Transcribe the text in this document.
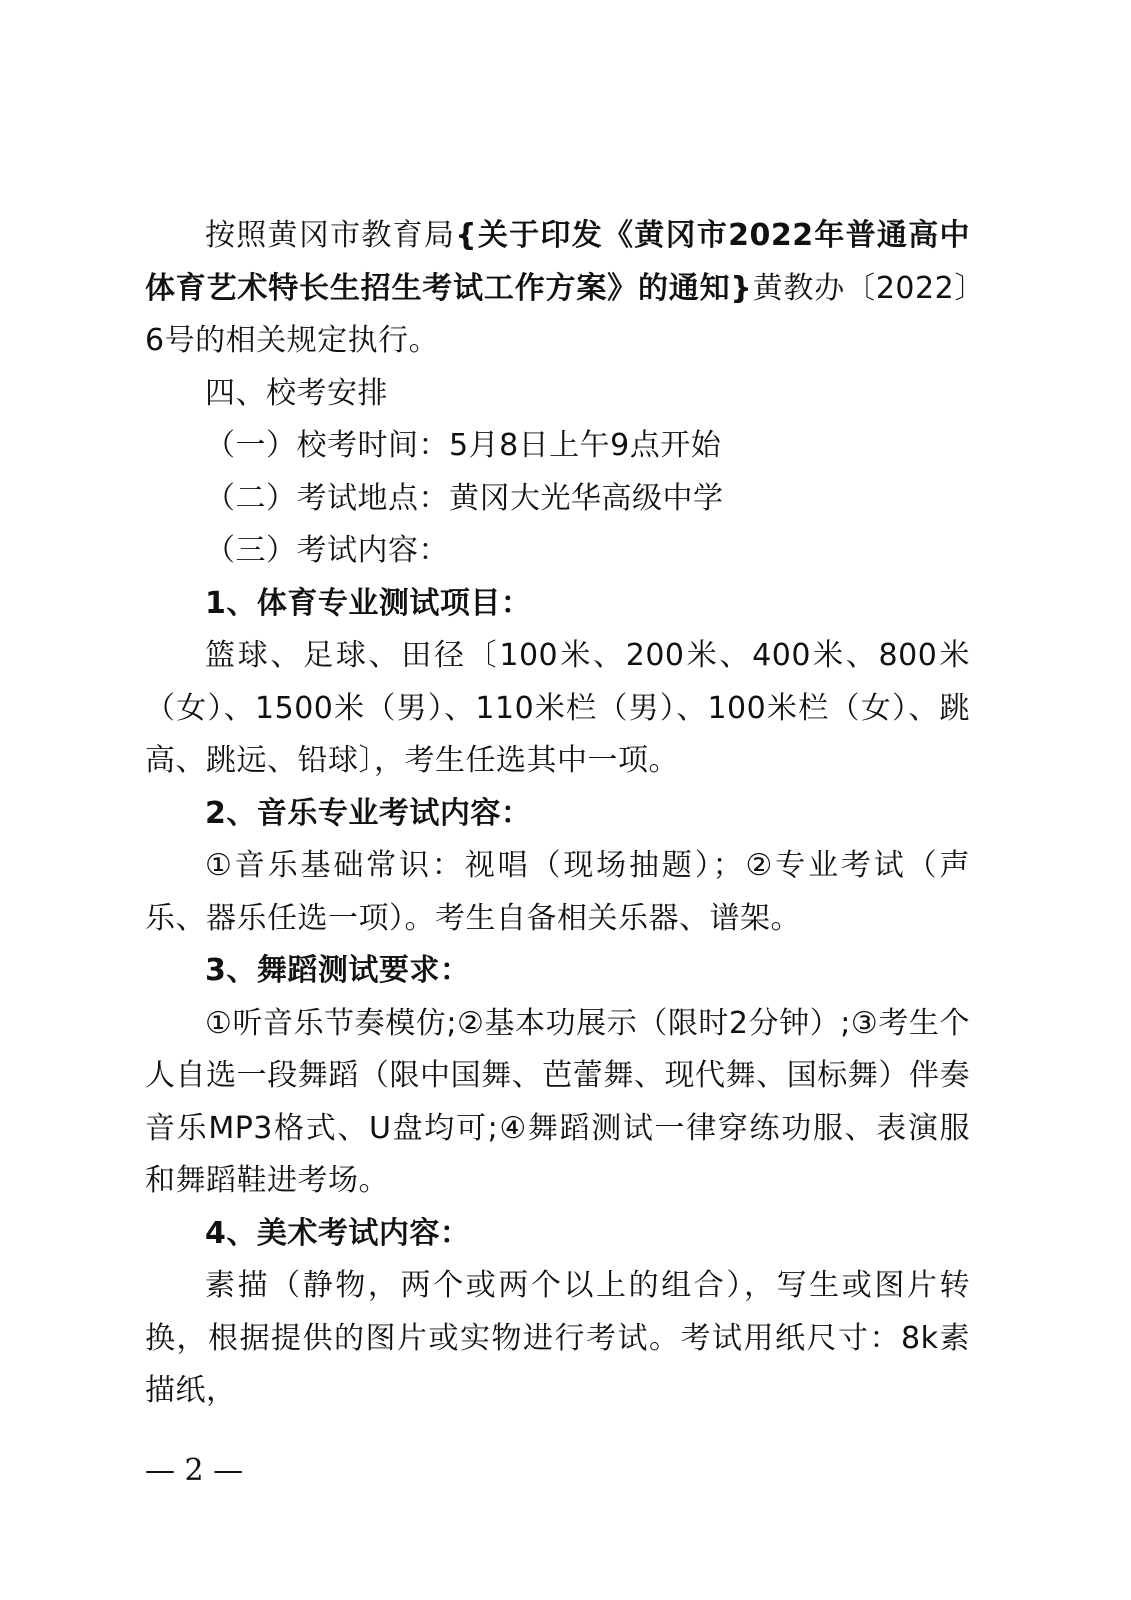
按照黄冈市教育局{关于印发《黄冈市2022年普通高中体育艺术特长生招生考试工作方案》的通知}黄教办〔2022〕6号的相关规定执行。

四、校考安排

（一）校考时间：5月8日上午9点开始

（二）考试地点：黄冈大光华高级中学

（三）考试内容：

1、体育专业测试项目：

篮球、足球、田径〔100米、200米、400米、800米（女）、1500米（男）、110米栏（男）、100米栏（女）、跳高、跳远、铅球〕，考生任选其中一项。

2、音乐专业考试内容：

①音乐基础常识：视唱（现场抽题）；②专业考试（声乐、器乐任选一项）。考生自备相关乐器、谱架。

3、舞蹈测试要求：

①听音乐节奏模仿;②基本功展示（限时2分钟）;③考生个人自选一段舞蹈（限中国舞、芭蕾舞、现代舞、国标舞）伴奏音乐MP3格式、U盘均可;④舞蹈测试一律穿练功服、表演服和舞蹈鞋进考场。

4、美术考试内容：

素描（静物，两个或两个以上的组合），写生或图片转换，根据提供的图片或实物进行考试。考试用纸尺寸：8k素描纸，

— 2 —
